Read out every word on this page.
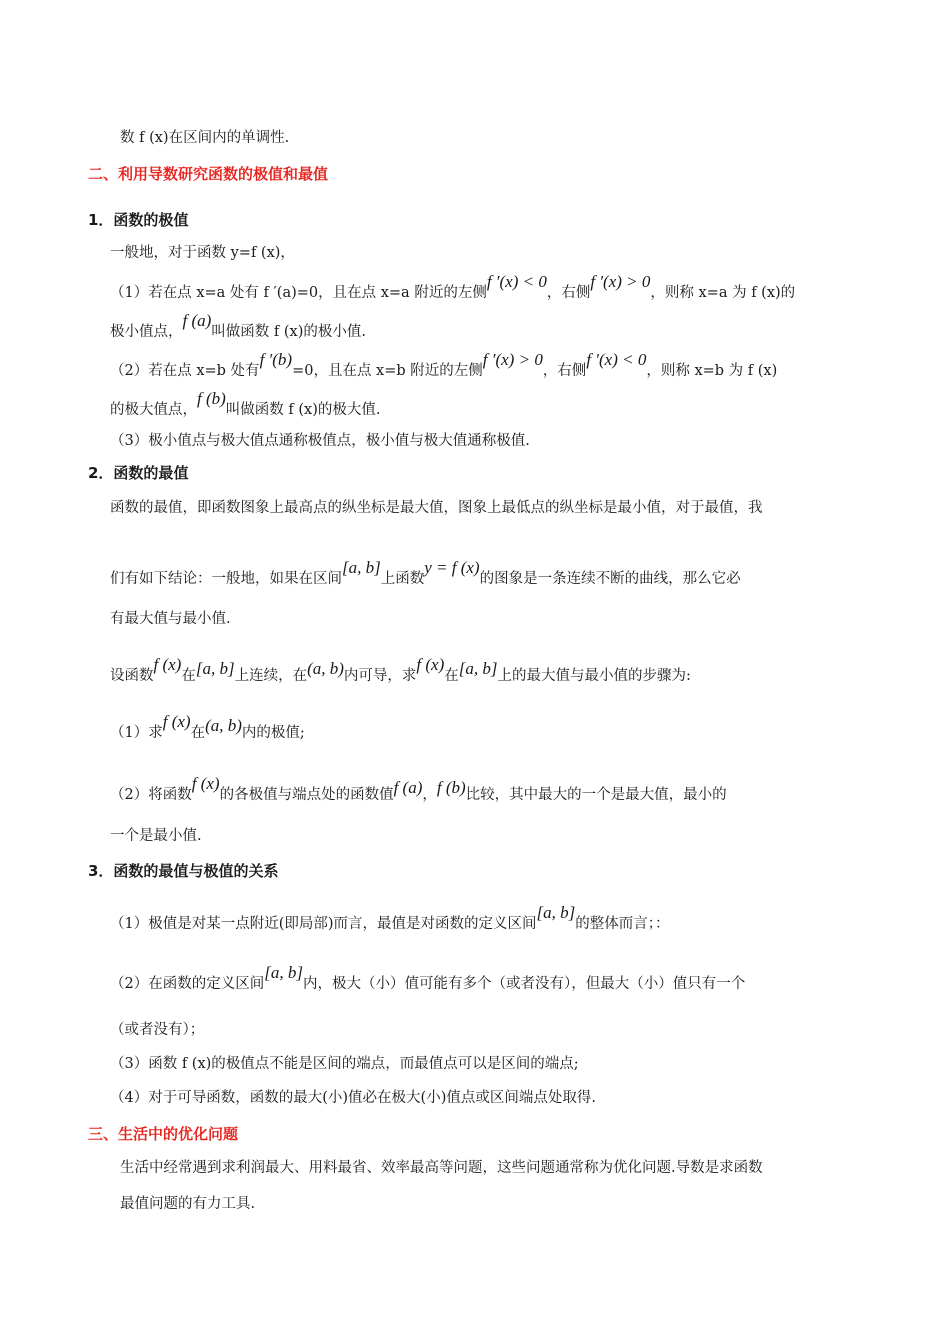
数 f (x)在区间内的单调性.
二、利用导数研究函数的极值和最值
1．函数的极值
一般地，对于函数 y=f (x)，
（1）若在点 x=a 处有 f ′(a)=0，且在点 x=a 附近的左侧f ′(x) < 0，右侧f ′(x) > 0，则称 x=a 为 f (x)的
极小值点，f (a)叫做函数 f (x)的极小值.
（2）若在点 x=b 处有f ′(b)=0，且在点 x=b 附近的左侧f ′(x) > 0，右侧f ′(x) < 0，则称 x=b 为 f (x)
的极大值点，f (b)叫做函数 f (x)的极大值.
（3）极小值点与极大值点通称极值点，极小值与极大值通称极值.
2．函数的最值
函数的最值，即函数图象上最高点的纵坐标是最大值，图象上最低点的纵坐标是最小值，对于最值，我
们有如下结论：一般地，如果在区间[a, b]上函数y = f (x)的图象是一条连续不断的曲线，那么它必
有最大值与最小值.
设函数f (x)在[a, b]上连续，在(a, b)内可导，求f (x)在[a, b]上的最大值与最小值的步骤为:
（1）求f (x)在(a, b)内的极值;
（2）将函数f (x)的各极值与端点处的函数值f (a)，f (b)比较，其中最大的一个是最大值，最小的
一个是最小值.
3．函数的最值与极值的关系
（1）极值是对某一点附近(即局部)而言，最值是对函数的定义区间[a, b]的整体而言；：
（2）在函数的定义区间[a, b]内，极大（小）值可能有多个（或者没有），但最大（小）值只有一个
（或者没有）；
（3）函数 f (x)的极值点不能是区间的端点，而最值点可以是区间的端点;
（4）对于可导函数，函数的最大(小)值必在极大(小)值点或区间端点处取得.
三、生活中的优化问题
生活中经常遇到求利润最大、用料最省、效率最高等问题，这些问题通常称为优化问题.导数是求函数
最值问题的有力工具.
